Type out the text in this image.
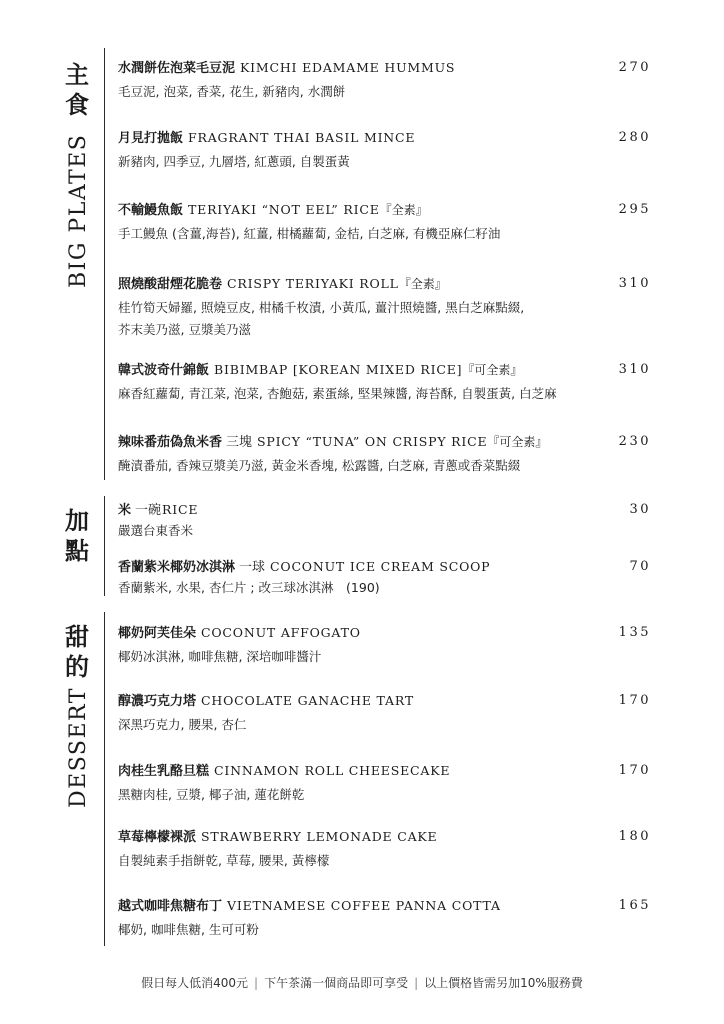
主
食
BIG PLATES
水潤餅佐泡菜毛豆泥 KIMCHI EDAMAME HUMMUS	270
毛豆泥, 泡菜, 香菜, 花生, 新豬肉, 水潤餅
月見打拋飯 FRAGRANT THAI BASIL MINCE	280
新豬肉, 四季豆, 九層塔, 紅蔥頭, 自製蛋黃
不輸鰻魚飯 TERIYAKI “NOT EEL” RICE『全素』	295
手工鰻魚 (含薑,海苔), 紅薑, 柑橘蘿蔔, 金桔, 白芝麻, 有機亞麻仁籽油
照燒酸甜煙花脆卷 CRISPY TERIYAKI ROLL『全素』	310
桂竹筍天婦羅, 照燒豆皮, 柑橘千枚漬, 小黃瓜, 薑汁照燒醬, 黑白芝麻點綴,
芥末美乃滋, 豆漿美乃滋
韓式波奇什錦飯 BIBIMBAP [KOREAN MIXED RICE]『可全素』	310
麻香紅蘿蔔, 青江菜, 泡菜, 杏鮑菇, 素蛋絲, 堅果辣醬, 海苔酥, 自製蛋黃, 白芝麻
辣味番茄偽魚米香 三塊 SPICY “TUNA” ON CRISPY RICE『可全素』	230
醃漬番茄, 香辣豆漿美乃滋, 黃金米香塊, 松露醬, 白芝麻, 青蔥或香菜點綴
加
點
米 一碗RICE	30
嚴選台東香米
香蘭紫米椰奶冰淇淋 一球 COCONUT ICE CREAM SCOOP	70
香蘭紫米, 水果, 杏仁片 ; 改三球冰淇淋　(190)
甜
的
DESSERT
椰奶阿芙佳朵 COCONUT AFFOGATO	135
椰奶冰淇淋, 咖啡焦糖, 深培咖啡醬汁
醇濃巧克力塔 CHOCOLATE GANACHE TART	170
深黑巧克力, 腰果, 杏仁
肉桂生乳酪旦糕 CINNAMON ROLL CHEESECAKE	170
黑糖肉桂, 豆漿, 椰子油, 蓮花餅乾
草莓檸檬裸派 STRAWBERRY LEMONADE CAKE	180
自製純素手指餅乾, 草莓, 腰果, 黃檸檬
越式咖啡焦糖布丁 VIETNAMESE COFFEE PANNA COTTA	165
椰奶, 咖啡焦糖, 生可可粉
假日每人低消400元 | 下午茶滿一個商品即可享受 | 以上價格皆需另加10%服務費
